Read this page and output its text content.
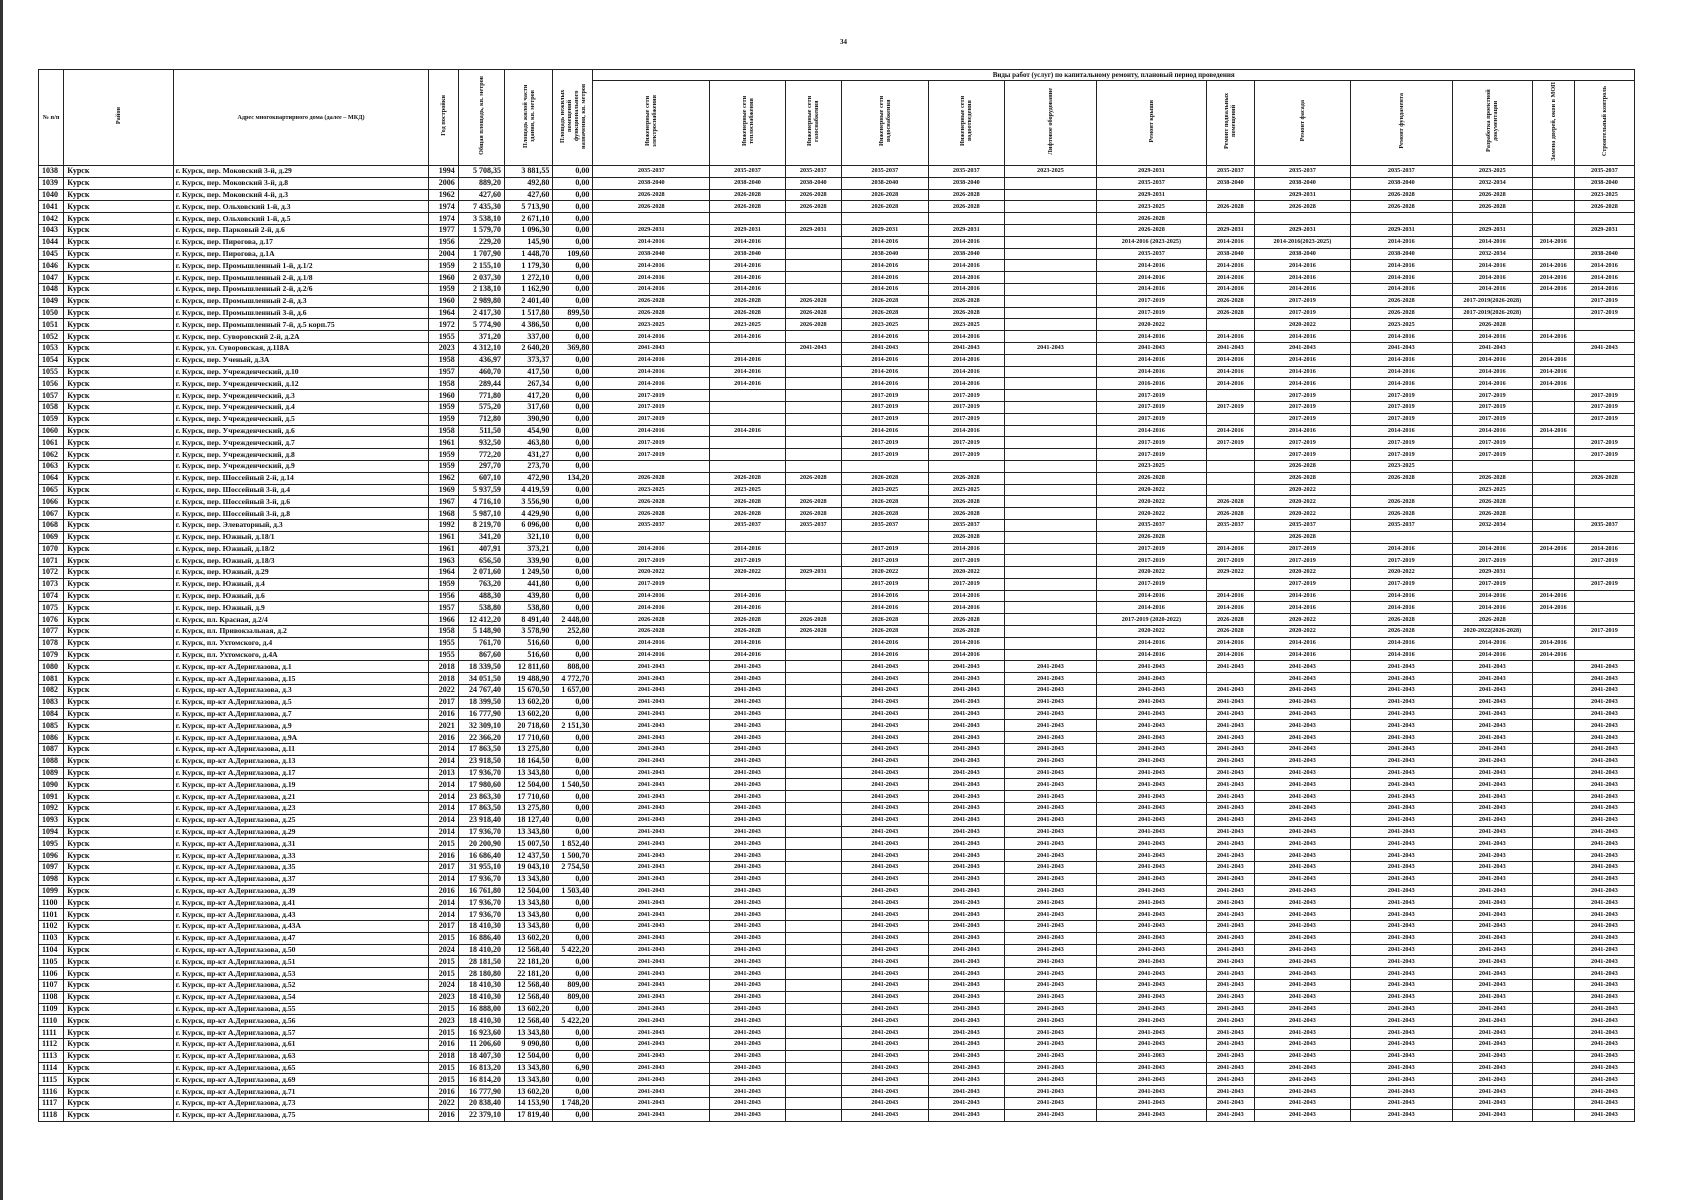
34
№ п/п	Район	Адрес многоквартирного дома (далее – МКД)	Год постройки	Общая площадь, кв. метров	Площадь жилой части здания, кв. метров	Площадь нежилых помещений функционального назначения, кв. метров	Виды работ (услуг) по капитальному ремонту, плановый период проведения												
							Инженерные сети электроснабжения	Инженерные сети теплоснабжения	Инженерные сети газоснабжения	Инженерные сети водоснабжения	Инженерные сети водоотведения	Лифтовое оборудование	Ремонт крыши	Ремонт подвальных помещений	Ремонт фасада	Ремонт фундамента	Разработка проектной документации	Замена дверей, окон в МОП	Строительный контроль
1038	Курск	г. Курск, пер. Моковский 3-й, д.29	1994	5 708,35	3 881,55	0,00	2035-2037	2035-2037	2035-2037	2035-2037	2035-2037	2023-2025	2029-2031	2035-2037	2035-2037	2035-2037	2023-2025		2035-2037
1039	Курск	г. Курск, пер. Моковский 3-й, д.8	2006	889,20	492,80	0,00	2038-2040	2038-2040	2038-2040	2038-2040	2038-2040		2035-2037	2038-2040	2038-2040	2038-2040	2032-2034		2038-2040
1040	Курск	г. Курск, пер. Моковский 4-й, д.3	1962	427,60	427,60	0,00	2026-2028	2026-2028	2026-2028	2026-2028	2026-2028		2029-2031		2029-2031	2026-2028	2026-2028		2023-2025
1041	Курск	г. Курск, пер. Ольховский 1-й, д.3	1974	7 435,30	5 713,90	0,00	2026-2028	2026-2028	2026-2028	2026-2028	2026-2028		2023-2025	2026-2028	2026-2028	2026-2028	2026-2028		2026-2028
1042	Курск	г. Курск, пер. Ольховский 1-й, д.5	1974	3 538,10	2 671,10	0,00							2026-2028						
1043	Курск	г. Курск, пер. Парковый 2-й, д.6	1977	1 579,70	1 096,30	0,00	2029-2031	2029-2031	2029-2031	2029-2031	2029-2031		2026-2028	2029-2031	2029-2031	2029-2031	2029-2031		2029-2031
1044	Курск	г. Курск, пер. Пирогова, д.17	1956	229,20	145,90	0,00	2014-2016	2014-2016		2014-2016	2014-2016		2014-2016 (2023-2025)	2014-2016	2014-2016(2023-2025)	2014-2016	2014-2016	2014-2016	
1045	Курск	г. Курск, пер. Пирогова, д.1А	2004	1 707,90	1 448,70	109,60	2038-2040	2038-2040		2038-2040	2038-2040		2035-2037	2038-2040	2038-2040	2038-2040	2032-2034		2038-2040
1046	Курск	г. Курск, пер. Промышленный 1-й, д.1/2	1959	2 155,10	1 179,30	0,00	2014-2016	2014-2016		2014-2016	2014-2016		2014-2016	2014-2016	2014-2016	2014-2016	2014-2016	2014-2016	2014-2016
1047	Курск	г. Курск, пер. Промышленный 2-й, д.1/8	1960	2 037,30	1 272,10	0,00	2014-2016	2014-2016		2014-2016	2014-2016		2014-2016	2014-2016	2014-2016	2014-2016	2014-2016	2014-2016	2014-2016
1048	Курск	г. Курск, пер. Промышленный 2-й, д.2/6	1959	2 138,10	1 162,90	0,00	2014-2016	2014-2016		2014-2016	2014-2016		2014-2016	2014-2016	2014-2016	2014-2016	2014-2016	2014-2016	2014-2016
1049	Курск	г. Курск, пер. Промышленный 2-й, д.3	1960	2 989,80	2 401,40	0,00	2026-2028	2026-2028	2026-2028	2026-2028	2026-2028		2017-2019	2026-2028	2017-2019	2026-2028	2017-2019(2026-2028)		2017-2019
1050	Курск	г. Курск, пер. Промышленный 3-й, д.6	1964	2 417,30	1 517,80	899,50	2026-2028	2026-2028	2026-2028	2026-2028	2026-2028		2017-2019	2026-2028	2017-2019	2026-2028	2017-2019(2026-2028)		2017-2019
1051	Курск	г. Курск, пер. Промышленный 7-й, д.5 корп.75	1972	5 774,90	4 386,50	0,00	2023-2025	2023-2025	2026-2028	2023-2025	2023-2025		2020-2022		2020-2022	2023-2025	2026-2028		
1052	Курск	г. Курск, пер. Суворовский 2-й, д.2А	1955	371,20	337,00	0,00	2014-2016	2014-2016		2014-2016	2014-2016		2014-2016	2014-2016	2014-2016	2014-2016	2014-2016	2014-2016	
1053	Курск	г. Курск, ул. Суворовская, д.118А	2023	4 312,10	2 640,20	369,80	2041-2043		2041-2043	2041-2043	2041-2043	2041-2043	2041-2043	2041-2043	2041-2043	2041-2043	2041-2043		2041-2043
1054	Курск	г. Курск, пер. Ученый, д.3А	1958	436,97	373,37	0,00	2014-2016	2014-2016		2014-2016	2014-2016		2014-2016	2014-2016	2014-2016	2014-2016	2014-2016	2014-2016	
1055	Курск	г. Курск, пер. Учрежденческий, д.10	1957	460,70	417,50	0,00	2014-2016	2014-2016		2014-2016	2014-2016		2014-2016	2014-2016	2014-2016	2014-2016	2014-2016	2014-2016	
1056	Курск	г. Курск, пер. Учрежденческий, д.12	1958	289,44	267,34	0,00	2014-2016	2014-2016		2014-2016	2014-2016		2016-2016	2014-2016	2014-2016	2014-2016	2014-2016	2014-2016	
1057	Курск	г. Курск, пер. Учрежденческий, д.3	1960	771,80	417,20	0,00	2017-2019			2017-2019	2017-2019		2017-2019		2017-2019	2017-2019	2017-2019		2017-2019
1058	Курск	г. Курск, пер. Учрежденческий, д.4	1959	575,20	317,60	0,00	2017-2019			2017-2019	2017-2019		2017-2019	2017-2019	2017-2019	2017-2019	2017-2019		2017-2019
1059	Курск	г. Курск, пер. Учрежденческий, д.5	1959	712,80	390,90	0,00	2017-2019			2017-2019	2017-2019		2017-2019		2017-2019	2017-2019	2017-2019		2017-2019
1060	Курск	г. Курск, пер. Учрежденческий, д.6	1958	511,50	454,90	0,00	2014-2016	2014-2016		2014-2016	2014-2016		2014-2016	2014-2016	2014-2016	2014-2016	2014-2016	2014-2016	
1061	Курск	г. Курск, пер. Учрежденческий, д.7	1961	932,50	463,80	0,00	2017-2019			2017-2019	2017-2019		2017-2019	2017-2019	2017-2019	2017-2019	2017-2019		2017-2019
1062	Курск	г. Курск, пер. Учрежденческий, д.8	1959	772,20	431,27	0,00	2017-2019			2017-2019	2017-2019		2017-2019		2017-2019	2017-2019	2017-2019		2017-2019
1063	Курск	г. Курск, пер. Учрежденческий, д.9	1959	297,70	273,70	0,00							2023-2025		2026-2028	2023-2025			
1064	Курск	г. Курск, пер. Шоссейный 2-й, д.14	1962	607,10	472,90	134,20	2026-2028	2026-2028	2026-2028	2026-2028	2026-2028		2026-2028		2026-2028	2026-2028	2026-2028		2026-2028
1065	Курск	г. Курск, пер. Шоссейный 3-й, д.4	1969	5 937,59	4 419,59	0,00	2023-2025	2023-2025		2023-2025	2023-2025		2020-2022		2020-2022		2023-2025		
1066	Курск	г. Курск, пер. Шоссейный 3-й, д.6	1967	4 716,10	3 556,90	0,00	2026-2028	2026-2028	2026-2028	2026-2028	2026-2028		2020-2022	2026-2028	2020-2022	2026-2028	2026-2028		
1067	Курск	г. Курск, пер. Шоссейный 3-й, д.8	1968	5 987,10	4 429,90	0,00	2026-2028	2026-2028	2026-2028	2026-2028	2026-2028		2020-2022	2026-2028	2020-2022	2026-2028	2026-2028		
1068	Курск	г. Курск, пер. Элеваторный, д.3	1992	8 219,70	6 096,00	0,00	2035-2037	2035-2037	2035-2037	2035-2037	2035-2037		2035-2037	2035-2037	2035-2037	2035-2037	2032-2034		2035-2037
1069	Курск	г. Курск, пер. Южный, д.18/1	1961	341,20	321,10	0,00					2026-2028		2026-2028		2026-2028				
1070	Курск	г. Курск, пер. Южный, д.18/2	1961	407,91	373,21	0,00	2014-2016	2014-2016		2017-2019	2014-2016		2017-2019	2014-2016	2017-2019	2014-2016	2014-2016	2014-2016	2014-2016
1071	Курск	г. Курск, пер. Южный, д.18/3	1963	656,50	339,90	0,00	2017-2019	2017-2019		2017-2019	2017-2019		2017-2019	2017-2019	2017-2019	2017-2019	2017-2019		2017-2019
1072	Курск	г. Курск, пер. Южный, д.29	1964	2 071,60	1 249,50	0,00	2020-2022	2020-2022	2029-2031	2020-2022	2020-2022		2020-2022	2029-2022	2020-2022	2020-2022	2029-2031		
1073	Курск	г. Курск, пер. Южный, д.4	1959	763,20	441,80	0,00	2017-2019			2017-2019	2017-2019		2017-2019		2017-2019	2017-2019	2017-2019		2017-2019
1074	Курск	г. Курск, пер. Южный, д.6	1956	488,30	439,80	0,00	2014-2016	2014-2016		2014-2016	2014-2016		2014-2016	2014-2016	2014-2016	2014-2016	2014-2016	2014-2016	
1075	Курск	г. Курск, пер. Южный, д.9	1957	538,80	538,80	0,00	2014-2016	2014-2016		2014-2016	2014-2016		2014-2016	2014-2016	2014-2016	2014-2016	2014-2016	2014-2016	
1076	Курск	г. Курск, пл. Красная, д.2/4	1966	12 412,20	8 491,40	2 448,00	2026-2028	2026-2028	2026-2028	2026-2028	2026-2028		2017-2019 (2020-2022)	2026-2028	2020-2022	2026-2028	2026-2028		
1077	Курск	г. Курск, пл. Привокзальная, д.2	1958	5 148,90	3 578,90	252,80	2026-2028	2026-2028	2026-2028	2026-2028	2026-2028		2020-2022	2026-2028	2020-2022	2026-2028	2020-2022(2026-2028)		2017-2019
1078	Курск	г. Курск, пл. Ухтомского, д.4	1955	761,70	516,60	0,00	2014-2016	2014-2016		2014-2016	2014-2016		2014-2016	2014-2016	2014-2016	2014-2016	2014-2016	2014-2016	
1079	Курск	г. Курск, пл. Ухтомского, д.4А	1955	867,60	516,60	0,00	2014-2016	2014-2016		2014-2016	2014-2016		2014-2016	2014-2016	2014-2016	2014-2016	2014-2016	2014-2016	
1080	Курск	г. Курск, пр-кт А.Дериглазова, д.1	2018	18 339,50	12 811,60	808,00	2041-2043	2041-2043		2041-2043	2041-2043	2041-2043	2041-2043	2041-2043	2041-2043	2041-2043	2041-2043		2041-2043
1081	Курск	г. Курск, пр-кт А.Дериглазова, д.15	2018	34 051,50	19 488,90	4 772,70	2041-2043	2041-2043		2041-2043	2041-2043	2041-2043	2041-2043		2041-2043	2041-2043	2041-2043		2041-2043
1082	Курск	г. Курск, пр-кт А.Дериглазова, д.3	2022	24 767,40	15 670,50	1 657,00	2041-2043	2041-2043		2041-2043	2041-2043	2041-2043	2041-2043	2041-2043	2041-2043	2041-2043	2041-2043		2041-2043
1083	Курск	г. Курск, пр-кт А.Дериглазова, д.5	2017	18 399,50	13 602,20	0,00	2041-2043	2041-2043		2041-2043	2041-2043	2041-2043	2041-2043	2041-2043	2041-2043	2041-2043	2041-2043		2041-2043
1084	Курск	г. Курск, пр-кт А.Дериглазова, д.7	2016	16 777,90	13 602,20	0,00	2041-2043	2041-2043		2041-2043	2041-2043	2041-2043	2041-2043	2041-2043	2041-2043	2041-2043	2041-2043		2041-2043
1085	Курск	г. Курск, пр-кт А.Дериглазова, д.9	2021	32 309,10	20 718,60	2 151,30	2041-2043	2041-2043		2041-2043	2041-2043	2041-2043	2041-2043	2041-2043	2041-2043	2041-2043	2041-2043		2041-2043
1086	Курск	г. Курск, пр-кт А.Дериглазова, д.9А	2016	22 366,20	17 710,60	0,00	2041-2043	2041-2043		2041-2043	2041-2043	2041-2043	2041-2043	2041-2043	2041-2043	2041-2043	2041-2043		2041-2043
1087	Курск	г. Курск, пр-кт А.Дериглазова, д.11	2014	17 863,50	13 275,80	0,00	2041-2043	2041-2043		2041-2043	2041-2043	2041-2043	2041-2043	2041-2043	2041-2043	2041-2043	2041-2043		2041-2043
1088	Курск	г. Курск, пр-кт А.Дериглазова, д.13	2014	23 918,50	18 164,50	0,00	2041-2043	2041-2043		2041-2043	2041-2043	2041-2043	2041-2043	2041-2043	2041-2043	2041-2043	2041-2043		2041-2043
1089	Курск	г. Курск, пр-кт А.Дериглазова, д.17	2013	17 936,70	13 343,80	0,00	2041-2043	2041-2043		2041-2043	2041-2043	2041-2043	2041-2043	2041-2043	2041-2043	2041-2043	2041-2043		2041-2043
1090	Курск	г. Курск, пр-кт А.Дериглазова, д.19	2014	17 980,60	12 504,00	1 540,50	2041-2043	2041-2043		2041-2043	2041-2043	2041-2043	2041-2043	2041-2043	2041-2043	2041-2043	2041-2043		2041-2043
1091	Курск	г. Курск, пр-кт А.Дериглазова, д.21	2014	23 863,30	17 710,60	0,00	2041-2043	2041-2043		2041-2043	2041-2043	2041-2043	2041-2043	2041-2043	2041-2043	2041-2043	2041-2043		2041-2043
1092	Курск	г. Курск, пр-кт А.Дериглазова, д.23	2014	17 863,50	13 275,80	0,00	2041-2043	2041-2043		2041-2043	2041-2043	2041-2043	2041-2043	2041-2043	2041-2043	2041-2043	2041-2043		2041-2043
1093	Курск	г. Курск, пр-кт А.Дериглазова, д.25	2014	23 918,40	18 127,40	0,00	2041-2043	2041-2043		2041-2043	2041-2043	2041-2043	2041-2043	2041-2043	2041-2043	2041-2043	2041-2043		2041-2043
1094	Курск	г. Курск, пр-кт А.Дериглазова, д.29	2014	17 936,70	13 343,80	0,00	2041-2043	2041-2043		2041-2043	2041-2043	2041-2043	2041-2043	2041-2043	2041-2043	2041-2043	2041-2043		2041-2043
1095	Курск	г. Курск, пр-кт А.Дериглазова, д.31	2015	20 200,90	15 007,50	1 852,40	2041-2043	2041-2043		2041-2043	2041-2043	2041-2043	2041-2043	2041-2043	2041-2043	2041-2043	2041-2043		2041-2043
1096	Курск	г. Курск, пр-кт А.Дериглазова, д.33	2016	16 686,40	12 437,50	1 500,70	2041-2043	2041-2043		2041-2043	2041-2043	2041-2043	2041-2043	2041-2043	2041-2043	2041-2043	2041-2043		2041-2043
1097	Курск	г. Курск, пр-кт А.Дериглазова, д.35	2017	31 955,10	19 043,10	2 754,50	2041-2043	2041-2043		2041-2043	2041-2043	2041-2043	2041-2043	2041-2043	2041-2043	2041-2043	2041-2043		2041-2043
1098	Курск	г. Курск, пр-кт А.Дериглазова, д.37	2014	17 936,70	13 343,80	0,00	2041-2043	2041-2043		2041-2043	2041-2043	2041-2043	2041-2043	2041-2043	2041-2043	2041-2043	2041-2043		2041-2043
1099	Курск	г. Курск, пр-кт А.Дериглазова, д.39	2016	16 761,80	12 504,00	1 503,40	2041-2043	2041-2043		2041-2043	2041-2043	2041-2043	2041-2043	2041-2043	2041-2043	2041-2043	2041-2043		2041-2043
1100	Курск	г. Курск, пр-кт А.Дериглазова, д.41	2014	17 936,70	13 343,80	0,00	2041-2043	2041-2043		2041-2043	2041-2043	2041-2043	2041-2043	2041-2043	2041-2043	2041-2043	2041-2043		2041-2043
1101	Курск	г. Курск, пр-кт А.Дериглазова, д.43	2014	17 936,70	13 343,80	0,00	2041-2043	2041-2043		2041-2043	2041-2043	2041-2043	2041-2043	2041-2043	2041-2043	2041-2043	2041-2043		2041-2043
1102	Курск	г. Курск, пр-кт А.Дериглазова, д.43А	2017	18 410,30	13 343,80	0,00	2041-2043	2041-2043		2041-2043	2041-2043	2041-2043	2041-2043	2041-2043	2041-2043	2041-2043	2041-2043		2041-2043
1103	Курск	г. Курск, пр-кт А.Дериглазова, д.47	2015	16 886,40	13 602,20	0,00	2041-2043	2041-2043		2041-2043	2041-2043	2041-2043	2041-2043	2041-2043	2041-2043	2041-2043	2041-2043		2041-2043
1104	Курск	г. Курск, пр-кт А.Дериглазова, д.50	2024	18 410,20	12 568,40	5 422,20	2041-2043	2041-2043		2041-2043	2041-2043	2041-2043	2041-2043	2041-2043	2041-2043	2041-2043	2041-2043		2041-2043
1105	Курск	г. Курск, пр-кт А.Дериглазова, д.51	2015	28 181,50	22 181,20	0,00	2041-2043	2041-2043		2041-2043	2041-2043	2041-2043	2041-2043	2041-2043	2041-2043	2041-2043	2041-2043		2041-2043
1106	Курск	г. Курск, пр-кт А.Дериглазова, д.53	2015	28 180,80	22 181,20	0,00	2041-2043	2041-2043		2041-2043	2041-2043	2041-2043	2041-2043	2041-2043	2041-2043	2041-2043	2041-2043		2041-2043
1107	Курск	г. Курск, пр-кт А.Дериглазова, д.52	2024	18 410,30	12 568,40	809,00	2041-2043	2041-2043		2041-2043	2041-2043	2041-2043	2041-2043	2041-2043	2041-2043	2041-2043	2041-2043		2041-2043
1108	Курск	г. Курск, пр-кт А.Дериглазова, д.54	2023	18 410,30	12 568,40	809,00	2041-2043	2041-2043		2041-2043	2041-2043	2041-2043	2041-2043	2041-2043	2041-2043	2041-2043	2041-2043		2041-2043
1109	Курск	г. Курск, пр-кт А.Дериглазова, д.55	2015	16 888,00	13 602,20	0,00	2041-2043	2041-2043		2041-2043	2041-2043	2041-2043	2041-2043	2041-2043	2041-2043	2041-2043	2041-2043		2041-2043
1110	Курск	г. Курск, пр-кт А.Дериглазова, д.56	2023	18 410,30	12 568,40	5 422,20	2041-2043	2041-2043		2041-2043	2041-2043	2041-2043	2041-2043	2041-2043	2041-2043	2041-2043	2041-2043		2041-2043
1111	Курск	г. Курск, пр-кт А.Дериглазова, д.57	2015	16 923,60	13 343,80	0,00	2041-2043	2041-2043		2041-2043	2041-2043	2041-2043	2041-2043	2041-2043	2041-2043	2041-2043	2041-2043		2041-2043
1112	Курск	г. Курск, пр-кт А.Дериглазова, д.61	2016	11 206,60	9 090,80	0,00	2041-2043	2041-2043		2041-2043	2041-2043	2041-2043	2041-2043	2041-2043	2041-2043	2041-2043	2041-2043		2041-2043
1113	Курск	г. Курск, пр-кт А.Дериглазова, д.63	2018	18 407,30	12 504,00	0,00	2041-2043	2041-2043		2041-2043	2041-2043	2041-2043	2041-2063	2041-2043	2041-2043	2041-2043	2041-2043		2041-2043
1114	Курск	г. Курск, пр-кт А.Дериглазова, д.65	2015	16 813,20	13 343,80	6,90	2041-2043	2041-2043		2041-2043	2041-2043	2041-2043	2041-2043	2041-2043	2041-2043	2041-2043	2041-2043		2041-2043
1115	Курск	г. Курск, пр-кт А.Дериглазова, д.69	2015	16 814,20	13 343,80	0,00	2041-2043	2041-2043		2041-2043	2041-2043	2041-2043	2041-2043	2041-2043	2041-2043	2041-2043	2041-2043		2041-2043
1116	Курск	г. Курск, пр-кт А.Дериглазова, д.71	2016	16 777,90	13 602,20	0,00	2041-2043	2041-2043		2041-2043	2041-2043	2041-2043	2041-2043	2041-2043	2041-2043	2041-2043	2041-2043		2041-2043
1117	Курск	г. Курск, пр-кт А.Дериглазова, д.73	2022	20 838,40	14 153,90	1 748,20	2041-2043	2041-2043		2041-2043	2041-2043	2041-2043	2041-2043	2041-2043	2041-2043	2041-2043	2041-2043		2041-2043
1118	Курск	г. Курск, пр-кт А.Дериглазова, д.75	2016	22 379,10	17 819,40	0,00	2041-2043	2041-2043		2041-2043	2041-2043	2041-2043	2041-2043	2041-2043	2041-2043	2041-2043	2041-2043		2041-2043
